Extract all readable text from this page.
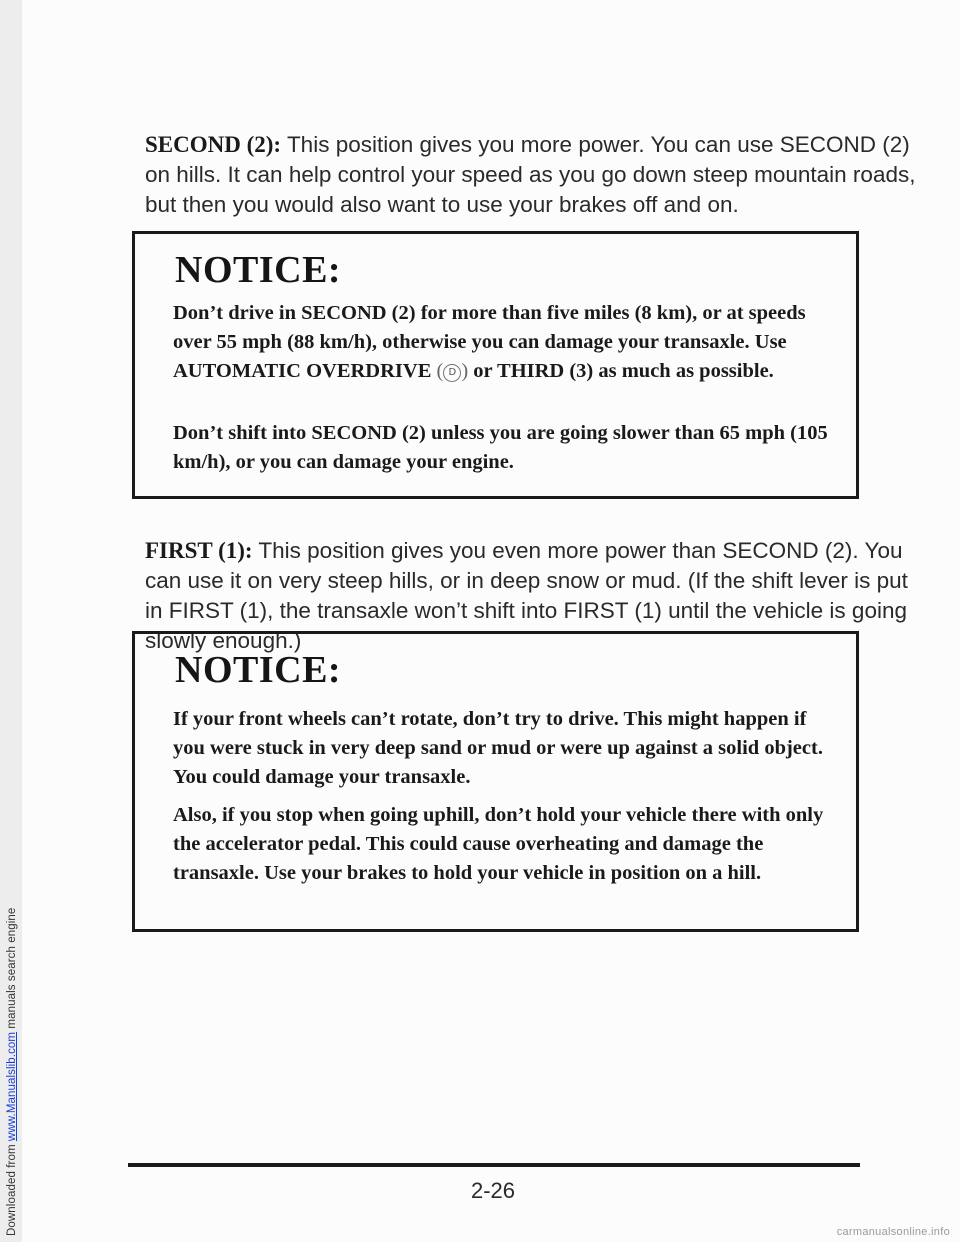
Downloaded from www.Manualslib.com manuals search engine

SECOND (2): This position gives you more power. You can use SECOND (2) on hills. It can help control your speed as you go down steep mountain roads, but then you would also want to use your brakes off and on.

NOTICE:

Don’t drive in SECOND (2) for more than five miles (8 km), or at speeds over 55 mph (88 km/h), otherwise you can damage your transaxle. Use AUTOMATIC OVERDRIVE ( D ) or THIRD (3) as much as possible.

Don’t shift into SECOND (2) unless you are going slower than 65 mph (105 km/h), or you can damage your engine.

FIRST (1): This position gives you even more power than SECOND (2). You can use it on very steep hills, or in deep snow or mud. (If the shift lever is put in FIRST (1), the transaxle won’t shift into FIRST (1) until the vehicle is going slowly enough.)

NOTICE:

If your front wheels can’t rotate, don’t try to drive. This might happen if you were stuck in very deep sand or mud or were up against a solid object. You could damage your transaxle.

Also, if you stop when going uphill, don’t hold your vehicle there with only the accelerator pedal. This could cause overheating and damage the transaxle. Use your brakes to hold your vehicle in position on a hill.

2-26
carmanualsonline.info
